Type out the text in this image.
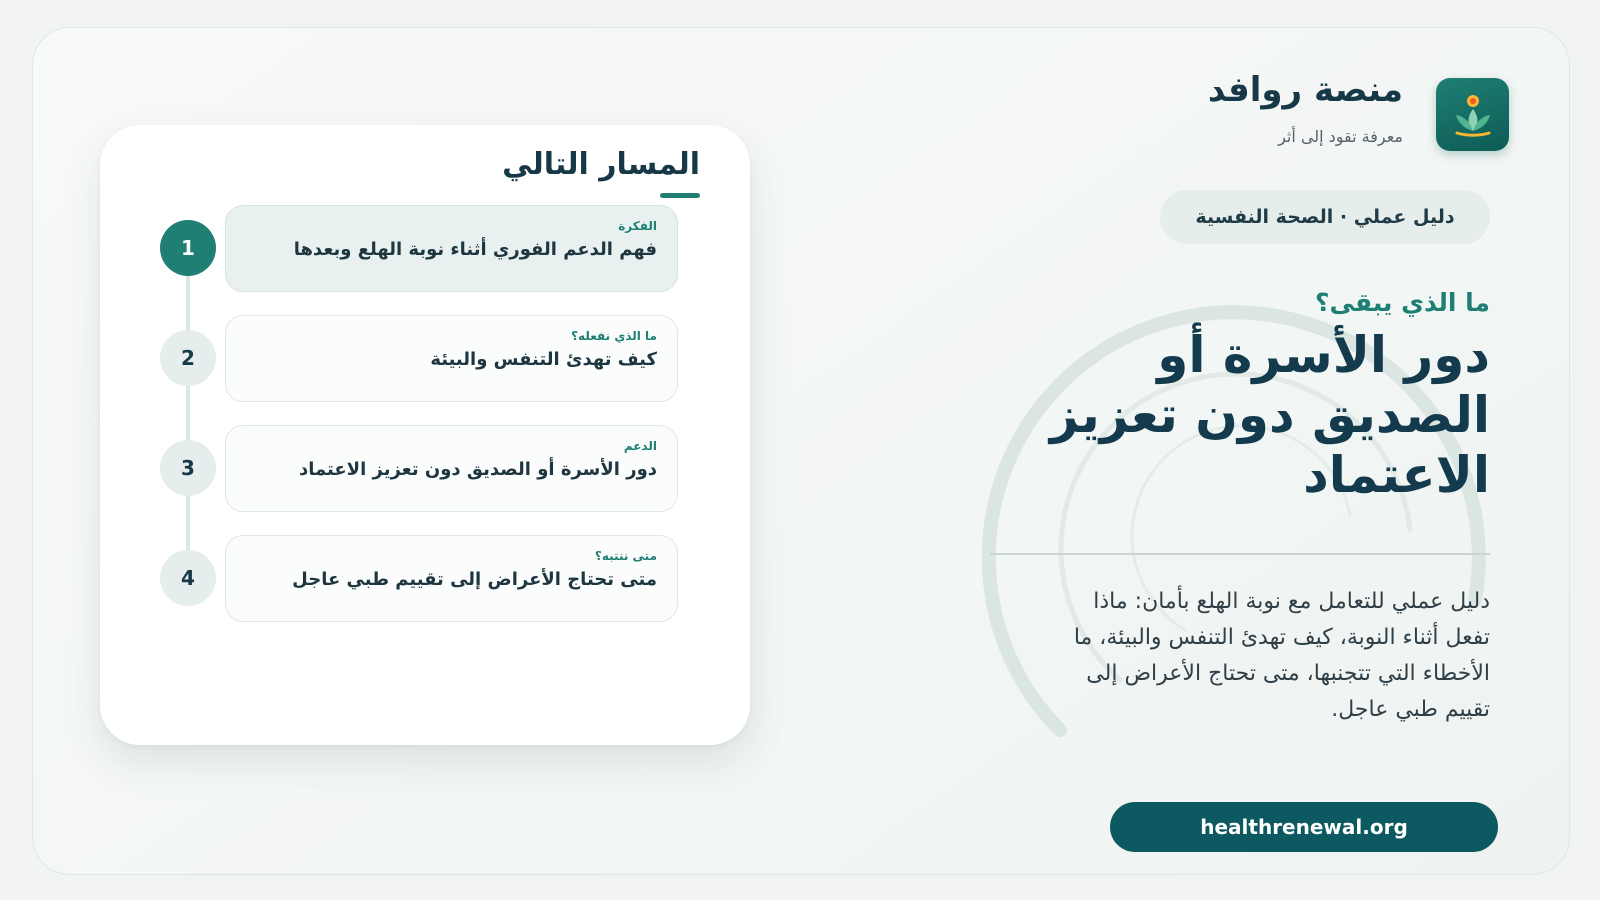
منصة روافد
معرفة تقود إلى أثر
دليل عملي · الصحة النفسية
ما الذي يبقى؟
دور الأسرة أو الصديق دون تعزيز الاعتماد
دليل عملي للتعامل مع نوبة الهلع بأمان: ماذا تفعل أثناء النوبة، كيف تهدئ التنفس والبيئة، ما الأخطاء التي تتجنبها، متى تحتاج الأعراض إلى تقييم طبي عاجل.
healthrenewal.org
المسار التالي
1
الفكرة
فهم الدعم الفوري أثناء نوبة الهلع وبعدها
2
ما الذي نفعله؟
كيف تهدئ التنفس والبيئة
3
الدعم
دور الأسرة أو الصديق دون تعزيز الاعتماد
4
متى ننتبه؟
متى تحتاج الأعراض إلى تقييم طبي عاجل
